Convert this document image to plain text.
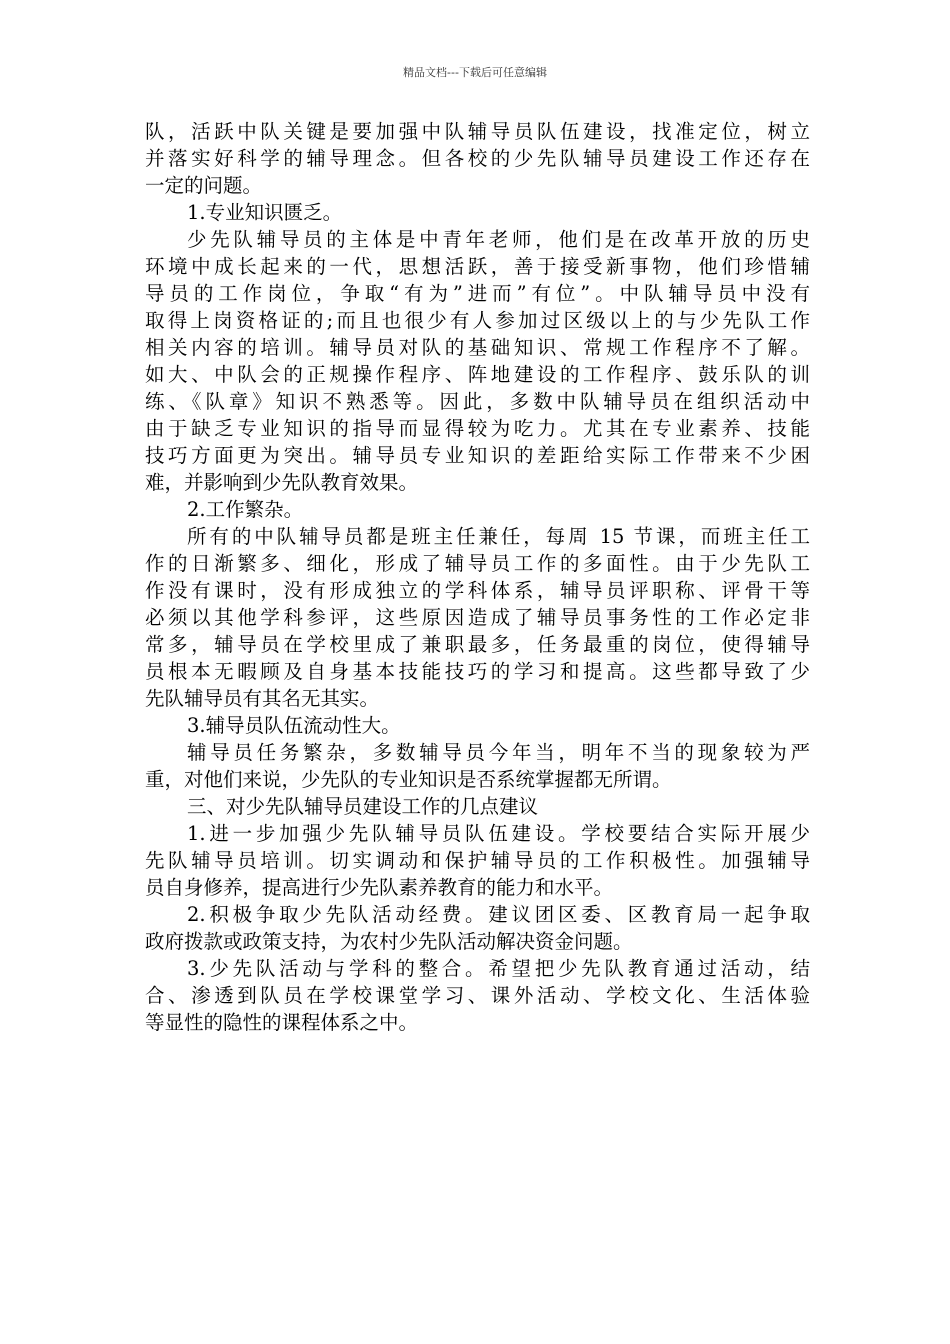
精品文档---下载后可任意编辑
队，活跃中队关键是要加强中队辅导员队伍建设，找准定位，树立
并落实好科学的辅导理念。但各校的少先队辅导员建设工作还存在
一定的问题。
1.专业知识匮乏。
少先队辅导员的主体是中青年老师，他们是在改革开放的历史
环境中成长起来的一代，思想活跃，善于接受新事物，他们珍惜辅
导员的工作岗位，争取“有为”进而”有位”。中队辅导员中没有
取得上岗资格证的;而且也很少有人参加过区级以上的与少先队工作
相关内容的培训。辅导员对队的基础知识、常规工作程序不了解。
如大、中队会的正规操作程序、阵地建设的工作程序、鼓乐队的训
练、《队章》知识不熟悉等。因此，多数中队辅导员在组织活动中
由于缺乏专业知识的指导而显得较为吃力。尤其在专业素养、技能
技巧方面更为突出。辅导员专业知识的差距给实际工作带来不少困
难，并影响到少先队教育效果。
2.工作繁杂。
所有的中队辅导员都是班主任兼任，每周 15 节课，而班主任工
作的日渐繁多、细化，形成了辅导员工作的多面性。由于少先队工
作没有课时，没有形成独立的学科体系，辅导员评职称、评骨干等
必须以其他学科参评，这些原因造成了辅导员事务性的工作必定非
常多，辅导员在学校里成了兼职最多，任务最重的岗位，使得辅导
员根本无暇顾及自身基本技能技巧的学习和提高。这些都导致了少
先队辅导员有其名无其实。
3.辅导员队伍流动性大。
辅导员任务繁杂，多数辅导员今年当，明年不当的现象较为严
重，对他们来说，少先队的专业知识是否系统掌握都无所谓。
三、对少先队辅导员建设工作的几点建议
1.进一步加强少先队辅导员队伍建设。学校要结合实际开展少
先队辅导员培训。切实调动和保护辅导员的工作积极性。加强辅导
员自身修养，提高进行少先队素养教育的能力和水平。
2.积极争取少先队活动经费。建议团区委、区教育局一起争取
政府拨款或政策支持，为农村少先队活动解决资金问题。
3.少先队活动与学科的整合。希望把少先队教育通过活动，结
合、渗透到队员在学校课堂学习、课外活动、学校文化、生活体验
等显性的隐性的课程体系之中。
